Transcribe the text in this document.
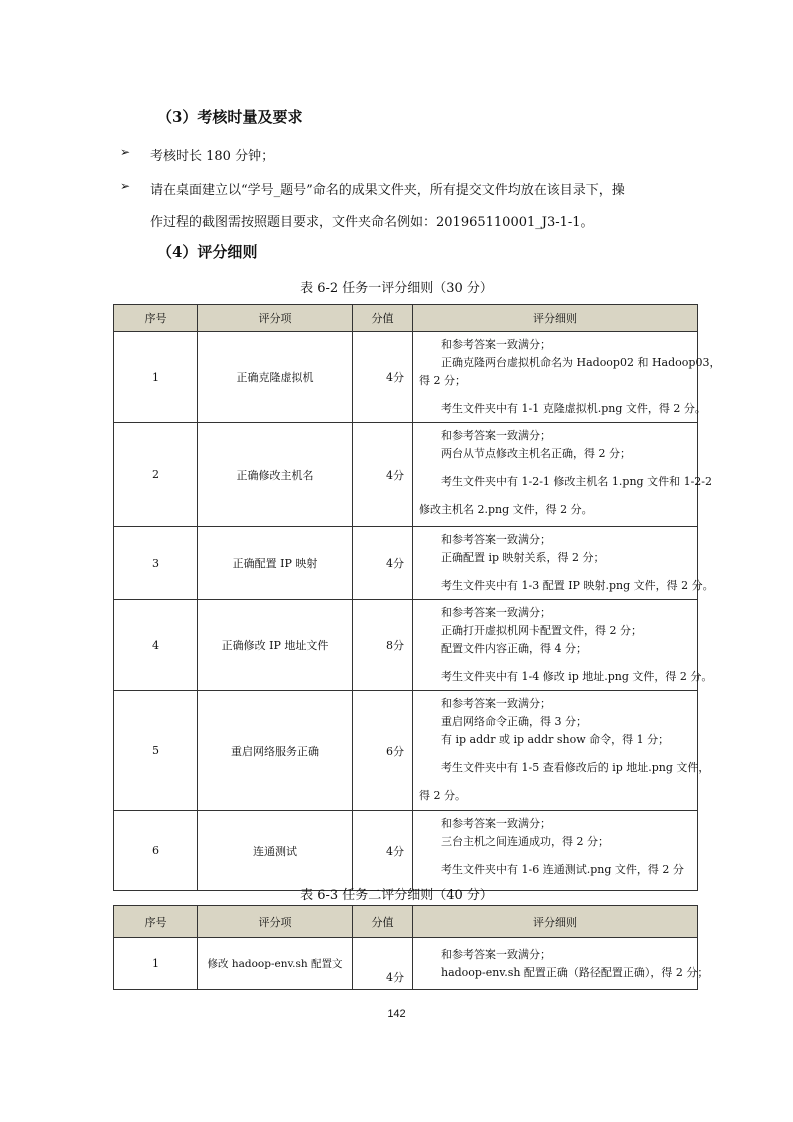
（3）考核时量及要求
➢ 考核时长 180 分钟；
➢ 请在桌面建立以“学号_题号”命名的成果文件夹，所有提交文件均放在该目录下，操
作过程的截图需按照题目要求，文件夹命名例如：201965110001_J3-1-1。
（4）评分细则
表 6-2 任务一评分细则（30 分）
序号	评分项	分值	评分细则
1	正确克隆虚拟机	4分	和参考答案一致满分；
正确克隆两台虚拟机命名为 Hadoop02 和 Hadoop03，
得 2 分；
考生文件夹中有 1-1 克隆虚拟机.png 文件，得 2 分。

2	正确修改主机名	4分	和参考答案一致满分；
两台从节点修改主机名正确，得 2 分；
考生文件夹中有 1-2-1 修改主机名 1.png 文件和 1-2-2
修改主机名 2.png 文件，得 2 分。

3	正确配置 IP 映射	4分	和参考答案一致满分；
正确配置 ip 映射关系，得 2 分；
考生文件夹中有 1-3 配置 IP 映射.png 文件，得 2 分。

4	正确修改 IP 地址文件	8分	和参考答案一致满分；
正确打开虚拟机网卡配置文件，得 2 分；
配置文件内容正确，得 4 分；
考生文件夹中有 1-4 修改 ip 地址.png 文件，得 2 分。

5	重启网络服务正确	6分	和参考答案一致满分；
重启网络命令正确，得 3 分；
有 ip addr 或 ip addr show 命令，得 1 分；
考生文件夹中有 1-5 查看修改后的 ip 地址.png 文件，
得 2 分。

6	连通测试	4分	和参考答案一致满分；
三台主机之间连通成功，得 2 分；
考生文件夹中有 1-6 连通测试.png 文件，得 2 分
表 6-3 任务二评分细则（40 分）
序号	评分项	分值	评分细则
1	修改 hadoop-env.sh 配置文	4分	和参考答案一致满分；
hadoop-env.sh 配置正确（路径配置正确），得 2 分；
142
